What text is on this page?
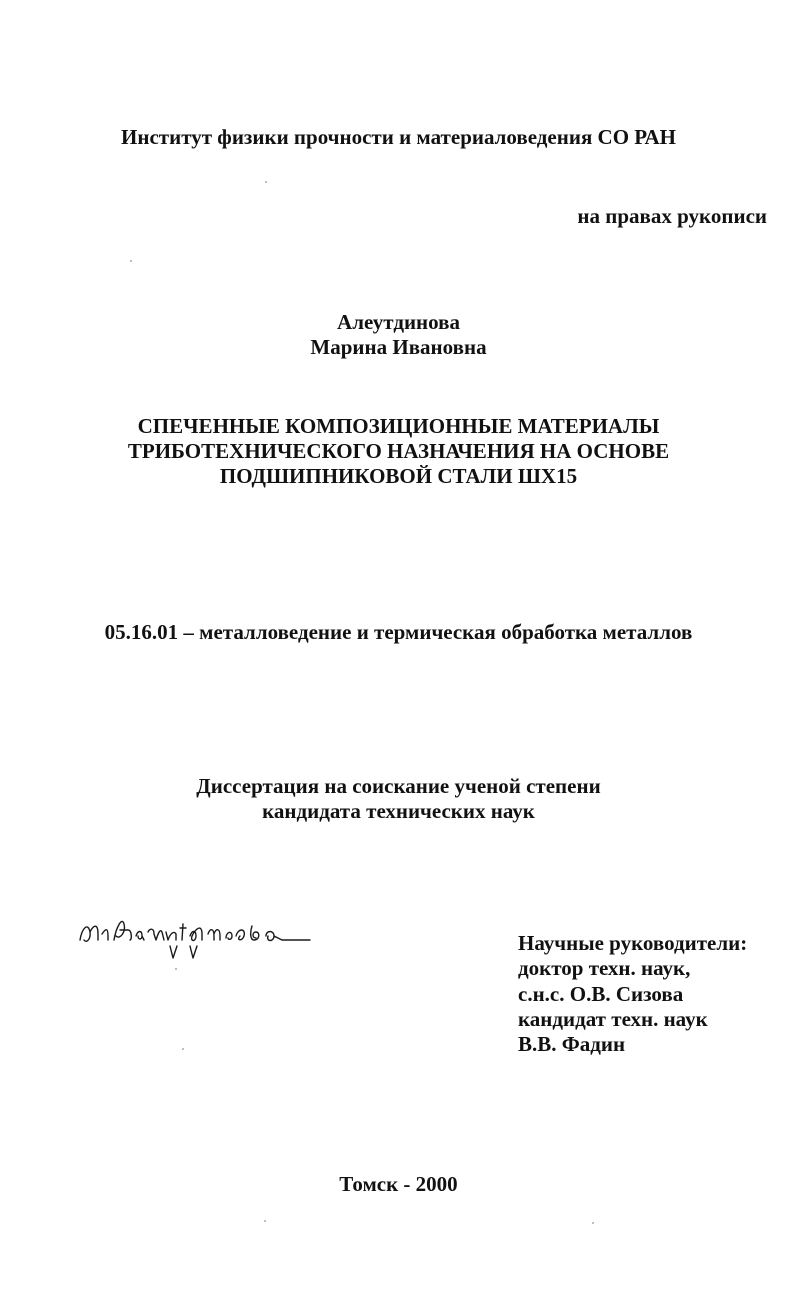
Институт физики прочности и материаловедения СО РАН
на правах рукописи
Алеутдинова
Марина Ивановна
СПЕЧЕННЫЕ КОМПОЗИЦИОННЫЕ МАТЕРИАЛЫ
ТРИБОТЕХНИЧЕСКОГО НАЗНАЧЕНИЯ НА ОСНОВЕ
ПОДШИПНИКОВОЙ СТАЛИ ШХ15
05.16.01 – металловедение и термическая обработка металлов
Диссертация на соискание ученой степени
кандидата технических наук
Научные руководители:
доктор техн. наук,
с.н.с. О.В. Сизова
кандидат техн. наук
В.В. Фадин
Томск - 2000
